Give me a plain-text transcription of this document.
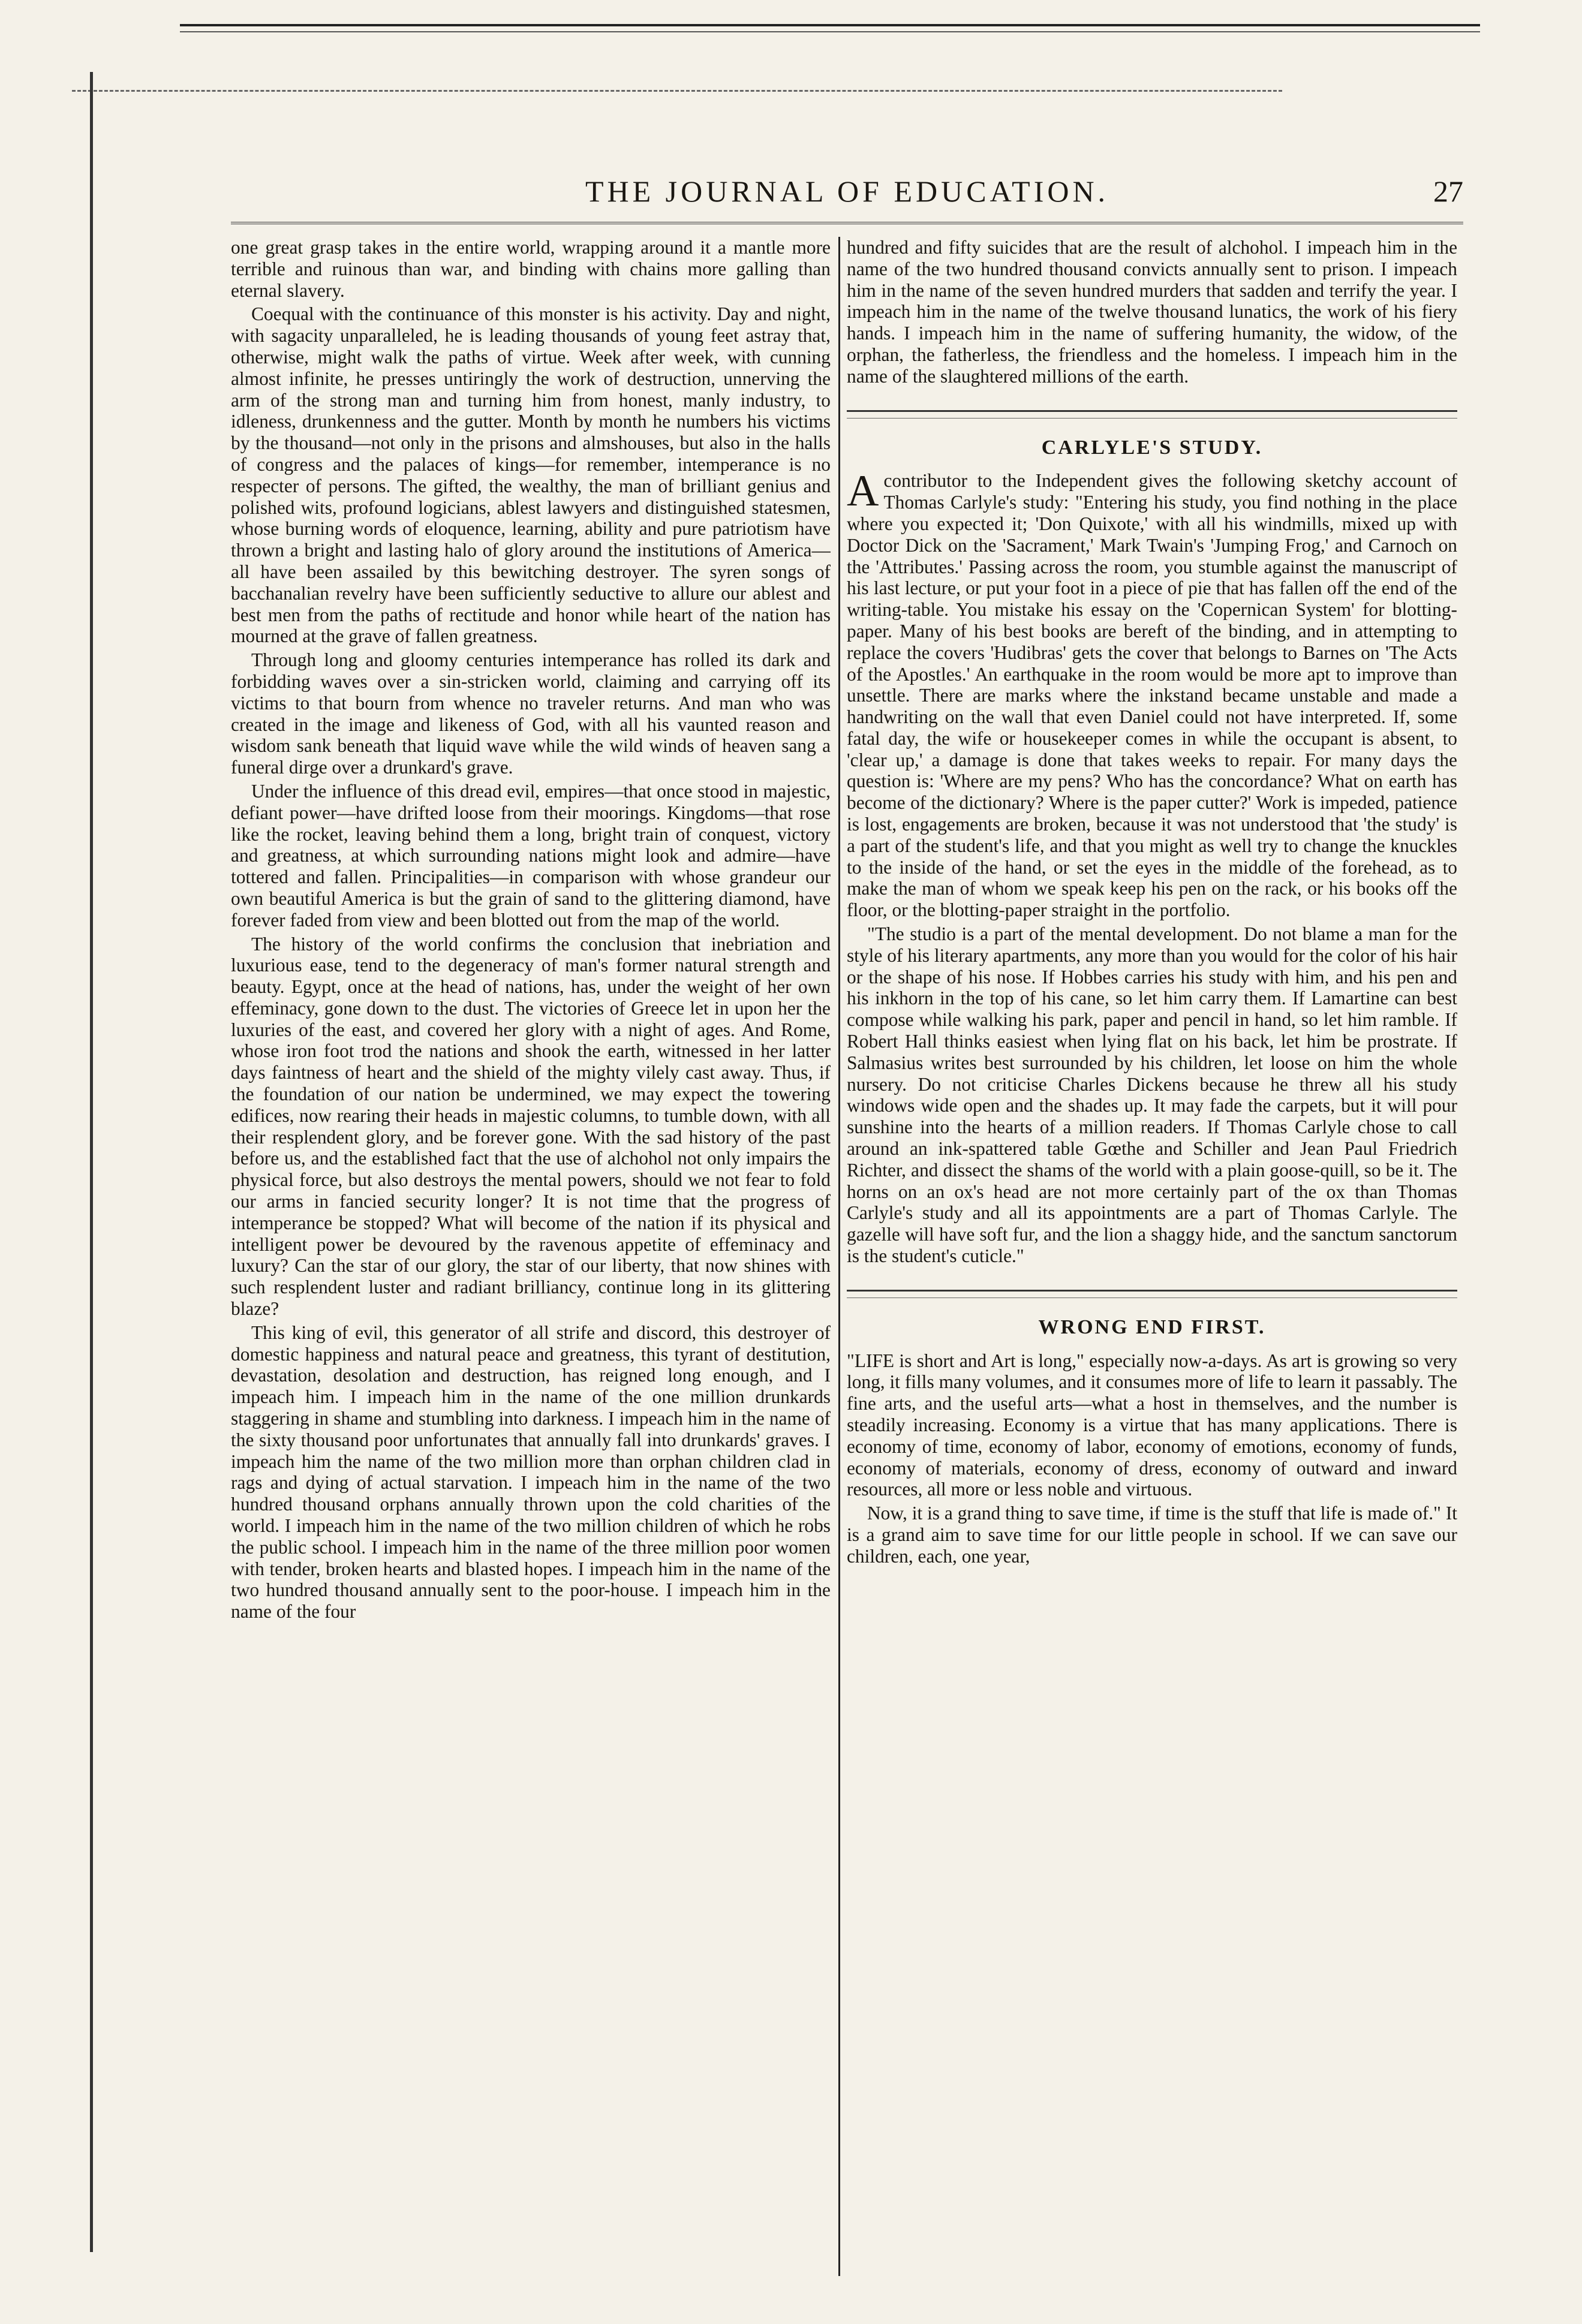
THE JOURNAL OF EDUCATION.	27

one great grasp takes in the entire world, wrapping around it a mantle more terrible and ruinous than war, and binding with chains more galling than eternal slavery.

Coequal with the continuance of this monster is his activity. Day and night, with sagacity unparalleled, he is leading thousands of young feet astray that, otherwise, might walk the paths of virtue. Week after week, with cunning almost infinite, he presses untiringly the work of destruction, unnerving the arm of the strong man and turning him from honest, manly industry, to idleness, drunkenness and the gutter. Month by month he numbers his victims by the thousand—not only in the prisons and almshouses, but also in the halls of congress and the palaces of kings—for remember, intemperance is no respecter of persons. The gifted, the wealthy, the man of brilliant genius and polished wits, profound logicians, ablest lawyers and distinguished statesmen, whose burning words of eloquence, learning, ability and pure patriotism have thrown a bright and lasting halo of glory around the institutions of America—all have been assailed by this bewitching destroyer. The syren songs of bacchanalian revelry have been sufficiently seductive to allure our ablest and best men from the paths of rectitude and honor while heart of the nation has mourned at the grave of fallen greatness.

Through long and gloomy centuries intemperance has rolled its dark and forbidding waves over a sin-stricken world, claiming and carrying off its victims to that bourn from whence no traveler returns. And man who was created in the image and likeness of God, with all his vaunted reason and wisdom sank beneath that liquid wave while the wild winds of heaven sang a funeral dirge over a drunkard's grave.

Under the influence of this dread evil, empires—that once stood in majestic, defiant power—have drifted loose from their moorings. Kingdoms—that rose like the rocket, leaving behind them a long, bright train of conquest, victory and greatness, at which surrounding nations might look and admire—have tottered and fallen. Principalities—in comparison with whose grandeur our own beautiful America is but the grain of sand to the glittering diamond, have forever faded from view and been blotted out from the map of the world.

The history of the world confirms the conclusion that inebriation and luxurious ease, tend to the degeneracy of man's former natural strength and beauty. Egypt, once at the head of nations, has, under the weight of her own effeminacy, gone down to the dust. The victories of Greece let in upon her the luxuries of the east, and covered her glory with a night of ages. And Rome, whose iron foot trod the nations and shook the earth, witnessed in her latter days faintness of heart and the shield of the mighty vilely cast away. Thus, if the foundation of our nation be undermined, we may expect the towering edifices, now rearing their heads in majestic columns, to tumble down, with all their resplendent glory, and be forever gone. With the sad history of the past before us, and the established fact that the use of alchohol not only impairs the physical force, but also destroys the mental powers, should we not fear to fold our arms in fancied security longer? It is not time that the progress of intemperance be stopped? What will become of the nation if its physical and intelligent power be devoured by the ravenous appetite of effeminacy and luxury? Can the star of our glory, the star of our liberty, that now shines with such resplendent luster and radiant brilliancy, continue long in its glittering blaze?

This king of evil, this generator of all strife and discord, this destroyer of domestic happiness and natural peace and greatness, this tyrant of destitution, devastation, desolation and destruction, has reigned long enough, and I impeach him. I impeach him in the name of the one million drunkards staggering in shame and stumbling into darkness. I impeach him in the name of the sixty thousand poor unfortunates that annually fall into drunkards' graves. I impeach him the name of the two million more than orphan children clad in rags and dying of actual starvation. I impeach him in the name of the two hundred thousand orphans annually thrown upon the cold charities of the world. I impeach him in the name of the two million children of which he robs the public school. I impeach him in the name of the three million poor women with tender, broken hearts and blasted hopes. I impeach him in the name of the two hundred thousand annually sent to the poor-house. I impeach him in the name of the four

hundred and fifty suicides that are the result of alchohol. I impeach him in the name of the two hundred thousand convicts annually sent to prison. I impeach him in the name of the seven hundred murders that sadden and terrify the year. I impeach him in the name of the twelve thousand lunatics, the work of his fiery hands. I impeach him in the name of suffering humanity, the widow, of the orphan, the fatherless, the friendless and the homeless. I impeach him in the name of the slaughtered millions of the earth.

CARLYLE'S STUDY.

Acontributor to the Independent gives the following sketchy account of Thomas Carlyle's study: "Entering his study, you find nothing in the place where you expected it; 'Don Quixote,' with all his windmills, mixed up with Doctor Dick on the 'Sacrament,' Mark Twain's 'Jumping Frog,' and Carnoch on the 'Attributes.' Passing across the room, you stumble against the manuscript of his last lecture, or put your foot in a piece of pie that has fallen off the end of the writing-table. You mistake his essay on the 'Copernican System' for blotting-paper. Many of his best books are bereft of the binding, and in attempting to replace the covers 'Hudibras' gets the cover that belongs to Barnes on 'The Acts of the Apostles.' An earthquake in the room would be more apt to improve than unsettle. There are marks where the inkstand became unstable and made a handwriting on the wall that even Daniel could not have interpreted. If, some fatal day, the wife or housekeeper comes in while the occupant is absent, to 'clear up,' a damage is done that takes weeks to repair. For many days the question is: 'Where are my pens? Who has the concordance? What on earth has become of the dictionary? Where is the paper cutter?' Work is impeded, patience is lost, engagements are broken, because it was not understood that 'the study' is a part of the student's life, and that you might as well try to change the knuckles to the inside of the hand, or set the eyes in the middle of the forehead, as to make the man of whom we speak keep his pen on the rack, or his books off the floor, or the blotting-paper straight in the portfolio.

"The studio is a part of the mental development. Do not blame a man for the style of his literary apartments, any more than you would for the color of his hair or the shape of his nose. If Hobbes carries his study with him, and his pen and his inkhorn in the top of his cane, so let him carry them. If Lamartine can best compose while walking his park, paper and pencil in hand, so let him ramble. If Robert Hall thinks easiest when lying flat on his back, let him be prostrate. If Salmasius writes best surrounded by his children, let loose on him the whole nursery. Do not criticise Charles Dickens because he threw all his study windows wide open and the shades up. It may fade the carpets, but it will pour sunshine into the hearts of a million readers. If Thomas Carlyle chose to call around an ink-spattered table Gœthe and Schiller and Jean Paul Friedrich Richter, and dissect the shams of the world with a plain goose-quill, so be it. The horns on an ox's head are not more certainly part of the ox than Thomas Carlyle's study and all its appointments are a part of Thomas Carlyle. The gazelle will have soft fur, and the lion a shaggy hide, and the sanctum sanctorum is the student's cuticle."

WRONG END FIRST.

"LIFE is short and Art is long," especially now-a-days. As art is growing so very long, it fills many volumes, and it consumes more of life to learn it passably. The fine arts, and the useful arts—what a host in themselves, and the number is steadily increasing. Economy is a virtue that has many applications. There is economy of time, economy of labor, economy of emotions, economy of funds, economy of materials, economy of dress, economy of outward and inward resources, all more or less noble and virtuous.

Now, it is a grand thing to save time, if time is the stuff that life is made of." It is a grand aim to save time for our little people in school. If we can save our children, each, one year,
